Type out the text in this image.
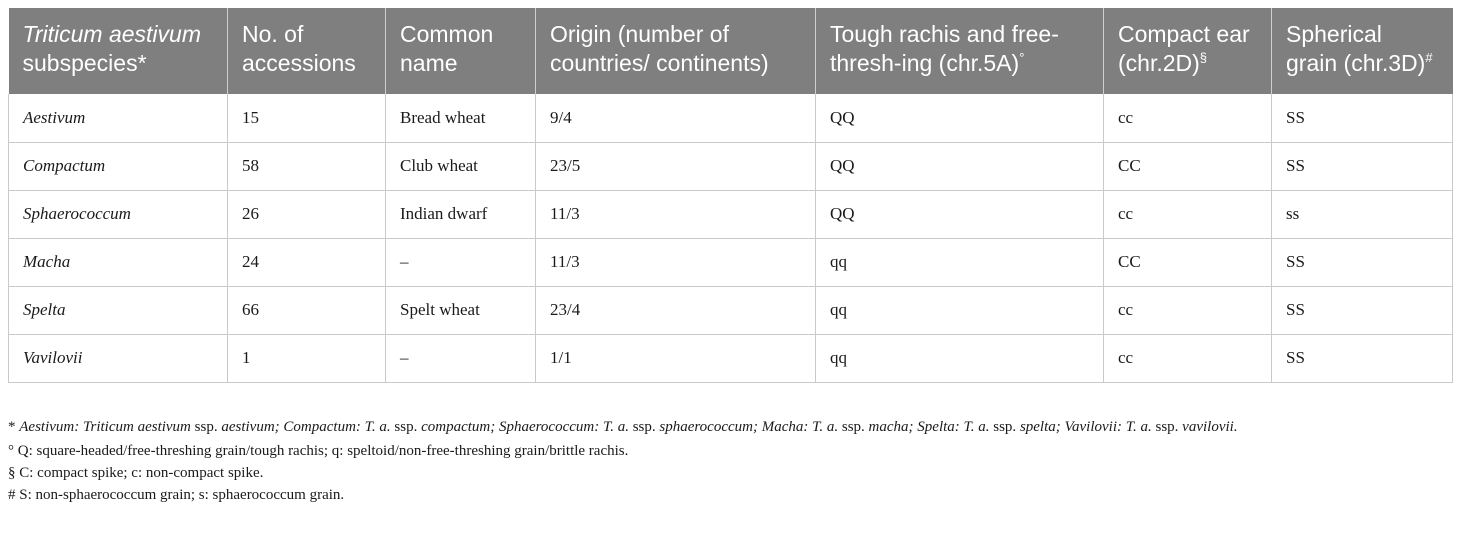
Triticum aestivum subspecies*	No. of accessions	Common name	Origin (number of countries/ continents)	Tough rachis and free-thresh-ing (chr.5A)°	Compact ear (chr.2D)§	Spherical grain (chr.3D)#
Aestivum	15	Bread wheat	9/4	QQ	cc	SS
Compactum	58	Club wheat	23/5	QQ	CC	SS
Sphaerococcum	26	Indian dwarf	11/3	QQ	cc	ss
Macha	24	–	11/3	qq	CC	SS
Spelta	66	Spelt wheat	23/4	qq	cc	SS
Vavilovii	1	–	1/1	qq	cc	SS

* Aestivum: Triticum aestivum ssp. aestivum; Compactum: T. a. ssp. compactum; Sphaerococcum: T. a. ssp. sphaerococcum; Macha: T. a. ssp. macha; Spelta: T. a. ssp. spelta; Vavilovii: T. a. ssp. vavilovii.

° Q: square-headed/free-threshing grain/tough rachis; q: speltoid/non-free-threshing grain/brittle rachis.

§ C: compact spike; c: non-compact spike.

# S: non-sphaerococcum grain; s: sphaerococcum grain.
